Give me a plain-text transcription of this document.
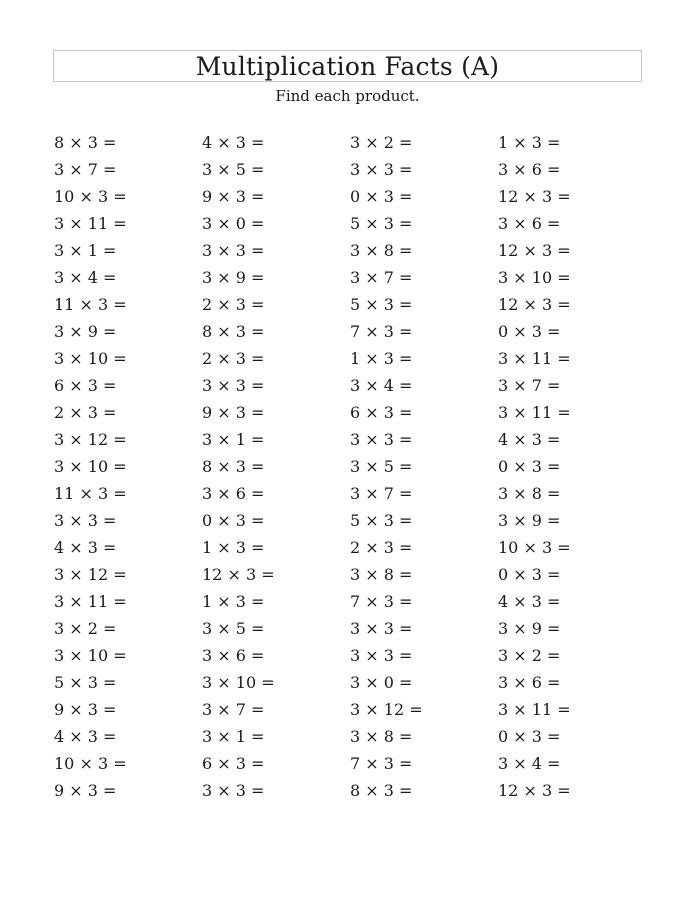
Multiplication Facts (A)
Find each product.
8 × 3 =	4 × 3 =	3 × 2 =	1 × 3 =
3 × 7 =	3 × 5 =	3 × 3 =	3 × 6 =
10 × 3 =	9 × 3 =	0 × 3 =	12 × 3 =
3 × 11 =	3 × 0 =	5 × 3 =	3 × 6 =
3 × 1 =	3 × 3 =	3 × 8 =	12 × 3 =
3 × 4 =	3 × 9 =	3 × 7 =	3 × 10 =
11 × 3 =	2 × 3 =	5 × 3 =	12 × 3 =
3 × 9 =	8 × 3 =	7 × 3 =	0 × 3 =
3 × 10 =	2 × 3 =	1 × 3 =	3 × 11 =
6 × 3 =	3 × 3 =	3 × 4 =	3 × 7 =
2 × 3 =	9 × 3 =	6 × 3 =	3 × 11 =
3 × 12 =	3 × 1 =	3 × 3 =	4 × 3 =
3 × 10 =	8 × 3 =	3 × 5 =	0 × 3 =
11 × 3 =	3 × 6 =	3 × 7 =	3 × 8 =
3 × 3 =	0 × 3 =	5 × 3 =	3 × 9 =
4 × 3 =	1 × 3 =	2 × 3 =	10 × 3 =
3 × 12 =	12 × 3 =	3 × 8 =	0 × 3 =
3 × 11 =	1 × 3 =	7 × 3 =	4 × 3 =
3 × 2 =	3 × 5 =	3 × 3 =	3 × 9 =
3 × 10 =	3 × 6 =	3 × 3 =	3 × 2 =
5 × 3 =	3 × 10 =	3 × 0 =	3 × 6 =
9 × 3 =	3 × 7 =	3 × 12 =	3 × 11 =
4 × 3 =	3 × 1 =	3 × 8 =	0 × 3 =
10 × 3 =	6 × 3 =	7 × 3 =	3 × 4 =
9 × 3 =	3 × 3 =	8 × 3 =	12 × 3 =
